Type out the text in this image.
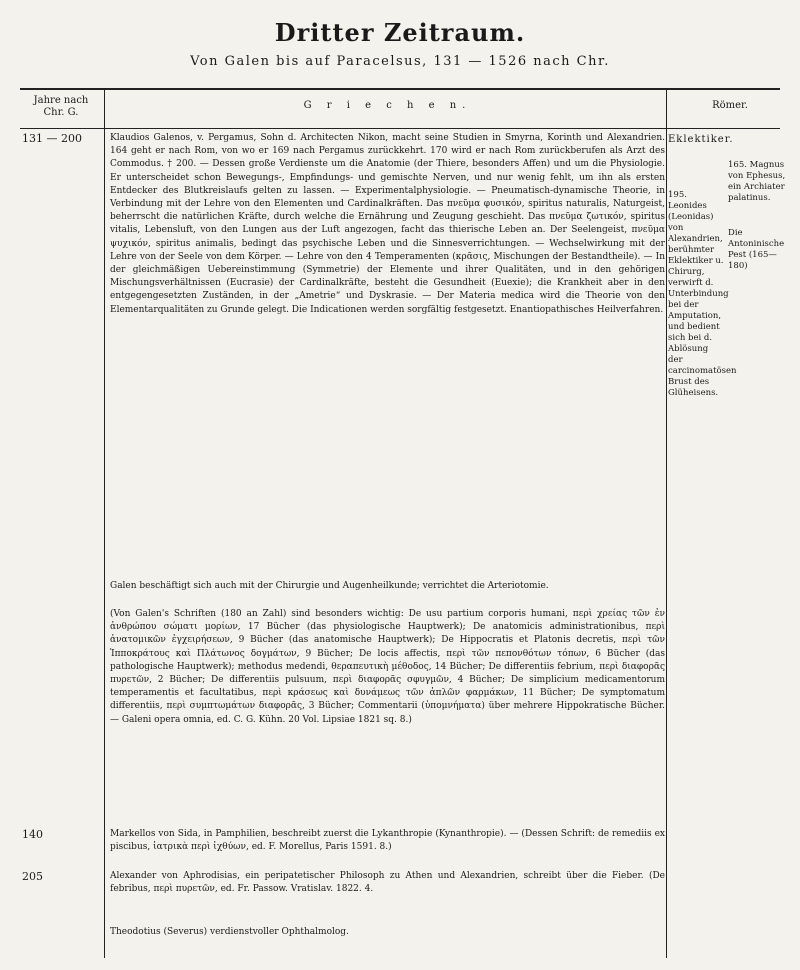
Dritter Zeitraum.
Von Galen bis auf Paracelsus, 131 — 1526 nach Chr.
Jahre nach Chr. G.
G r i e c h e n.	Römer.
131 — 200
140
205

Klaudios Galenos, v. Pergamus, Sohn d. Architecten Nikon, macht seine Studien in Smyrna, Korinth und Alexandrien. 164 geht er nach Rom, von wo er 169 nach Pergamus zurückkehrt. 170 wird er nach Rom zurückberufen als Arzt des Commodus. † 200. — Dessen große Verdienste um die Anatomie (der Thiere, besonders Affen) und um die Physiologie. Er unterscheidet schon Bewegungs-, Empfindungs- und gemischte Nerven, und nur wenig fehlt, um ihn als ersten Entdecker des Blutkreislaufs gelten zu lassen. — Experimentalphysiologie. — Pneumatisch-dynamische Theorie, in Verbindung mit der Lehre von den Elementen und Cardinalkräften. Das πνεῦμα φυσικόν, spiritus naturalis, Naturgeist, beherrscht die natürlichen Kräfte, durch welche die Ernährung und Zeugung geschieht. Das πνεῦμα ζωτικόν, spiritus vitalis, Lebensluft, von den Lungen aus der Luft angezogen, facht das thierische Leben an. Der Seelengeist, πνεῦμα ψυχικόν, spiritus animalis, bedingt das psychische Leben und die Sinnesverrichtungen. — Wechselwirkung mit der Lehre von der Seele von dem Körper. — Lehre von den 4 Temperamenten (κρᾶσις, Mischungen der Bestandtheile). — In der gleichmäßigen Uebereinstimmung (Symmetrie) der Elemente und ihrer Qualitäten, und in den gehörigen Mischungsverhältnissen (Eucrasie) der Cardinalkräfte, besteht die Gesundheit (Euexie); die Krankheit aber in den entgegengesetzten Zuständen, in der „Ametrie“ und Dyskrasie. — Der Materia medica wird die Theorie von den Elementarqualitäten zu Grunde gelegt. Die Indicationen werden sorgfältig festgesetzt. Enantiopathisches Heilverfahren.

Galen beschäftigt sich auch mit der Chirurgie und Augenheilkunde; verrichtet die Arteriotomie.

(Von Galen's Schriften (180 an Zahl) sind besonders wichtig: De usu partium corporis humani, περὶ χρείας τῶν ἐν ἀνθρώπου σώματι μορίων, 17 Bücher (das physiologische Hauptwerk); De anatomicis administrationibus, περὶ ἀνατομικῶν ἐγχειρήσεων, 9 Bücher (das anatomische Hauptwerk); De Hippocratis et Platonis decretis, περὶ τῶν Ἱπποκράτους καὶ Πλάτωνος δογμάτων, 9 Bücher; De locis affectis, περὶ τῶν πεπονθότων τόπων, 6 Bücher (das pathologische Hauptwerk); methodus medendi, θεραπευτικὴ μέθοδος, 14 Bücher; De differentiis febrium, περὶ διαφορᾶς πυρετῶν, 2 Bücher; De differentiis pulsuum, περὶ διαφορᾶς σφυγμῶν, 4 Bücher; De simplicium medicamentorum temperamentis et facultatibus, περὶ κράσεως καὶ δυνάμεως τῶν ἁπλῶν φαρμάκων, 11 Bücher; De symptomatum differentiis, περὶ συμπτωμάτων διαφορᾶς, 3 Bücher; Commentarii (ὑπομνήματα) über mehrere Hippokratische Bücher. — Galeni opera omnia, ed. C. G. Kühn. 20 Vol. Lipsiae 1821 sq. 8.)

Markellos von Sida, in Pamphilien, beschreibt zuerst die Lykanthropie (Kynanthropie). — (Dessen Schrift: de remediis ex piscibus, ἰατρικὰ περὶ ἰχθύων, ed. F. Morellus, Paris 1591. 8.)

Alexander von Aphrodisias, ein peripatetischer Philosoph zu Athen und Alexandrien, schreibt über die Fieber. (De febribus, περὶ πυρετῶν, ed. Fr. Passow. Vratislav. 1822. 4.

Theodotius (Severus) verdienstvoller Ophthalmolog.

Eklektiker.
195. Leonides (Leonidas) von Alexandrien, berühmter Eklektiker u. Chirurg, verwirft d. Unterbindung bei der Amputation, und bedient sich bei d. Ablösung der carcinomatösen Brust des Glüheisens.
165. Magnus von Ephesus, ein Archiater palatinus.
Die Antoninische Pest (165—180)
